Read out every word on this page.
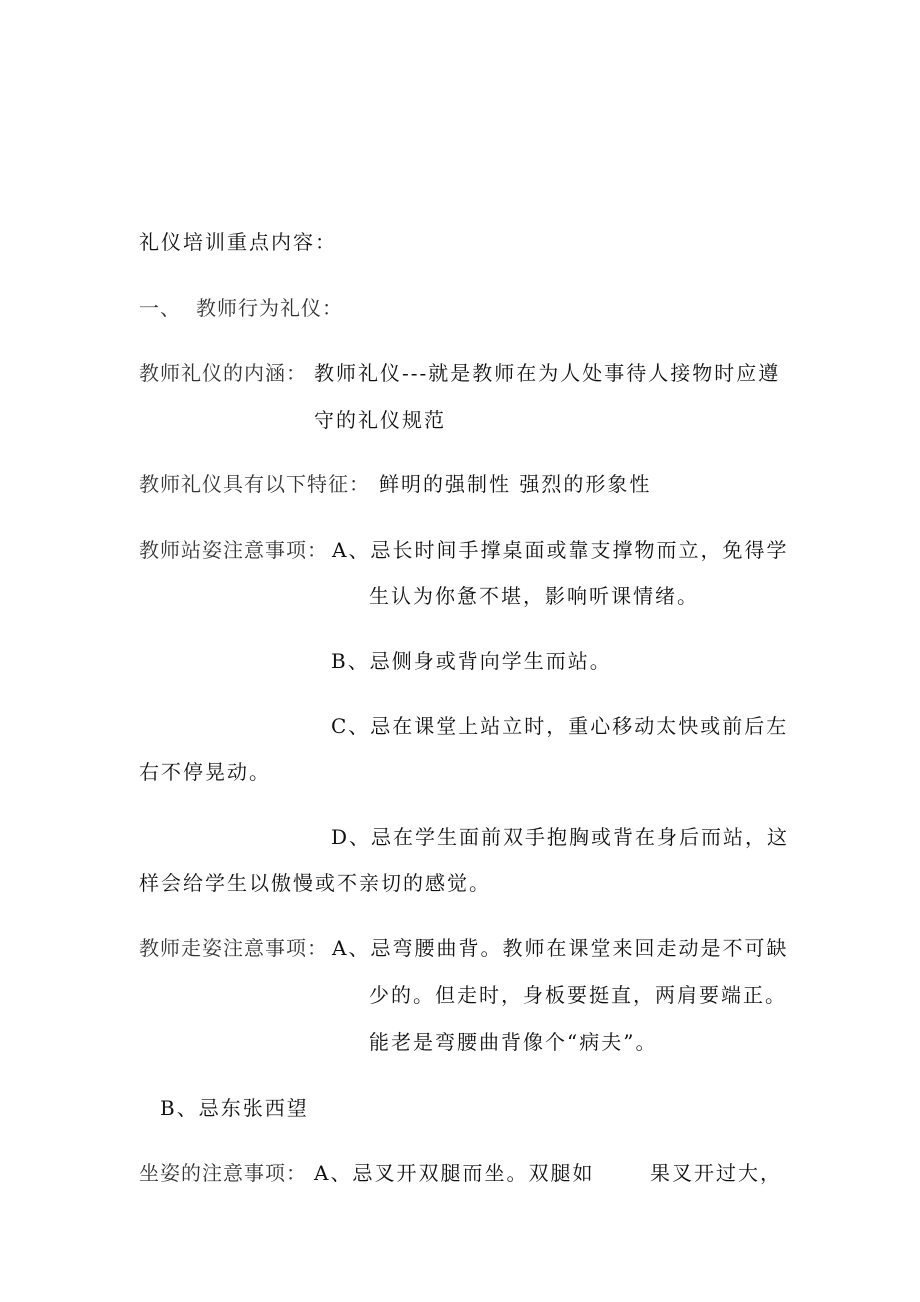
礼仪培训重点内容：
一、 教师行为礼仪：
教师礼仪的内涵： 教师礼仪---就是教师在为人处事待人接物时应遵
守的礼仪规范
教师礼仪具有以下特征： 鲜明的强制性 强烈的形象性
教师站姿注意事项： A、忌长时间手撑桌面或靠支撑物而立，免得学
生认为你惫不堪，影响听课情绪。
B、忌侧身或背向学生而站。
C、忌在课堂上站立时，重心移动太快或前后左
右不停晃动。
D、忌在学生面前双手抱胸或背在身后而站，这
样会给学生以傲慢或不亲切的感觉。
教师走姿注意事项： A、忌弯腰曲背。教师在课堂来回走动是不可缺
少的。但走时，身板要挺直，两肩要端正。
能老是弯腰曲背像个“病夫”。
B、忌东张西望
坐姿的注意事项： A、忌叉开双腿而坐。双腿如	果叉开过大，
